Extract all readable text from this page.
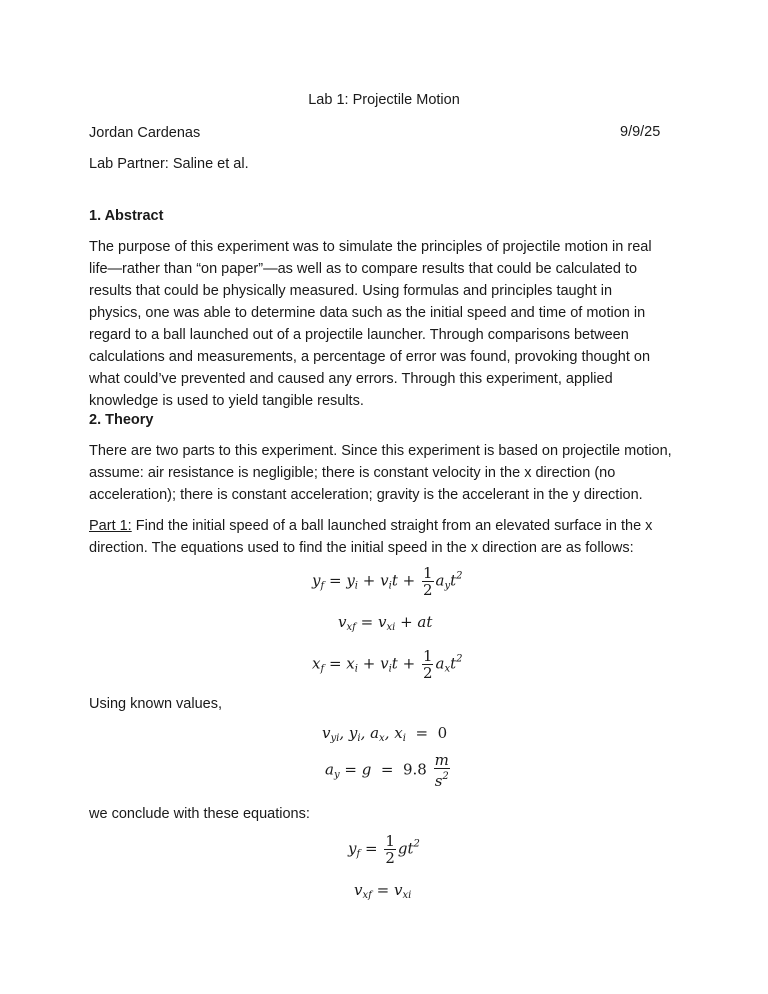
Lab 1: Projectile Motion
Jordan Cardenas	9/9/25
Lab Partner: Saline et al.
1. Abstract
The purpose of this experiment was to simulate the principles of projectile motion in real
life—rather than “on paper”—as well as to compare results that could be calculated to
results that could be physically measured. Using formulas and principles taught in
physics, one was able to determine data such as the initial speed and time of motion in
regard to a ball launched out of a projectile launcher. Through comparisons between
calculations and measurements, a percentage of error was found, provoking thought on
what could’ve prevented and caused any errors. Through this experiment, applied
knowledge is used to yield tangible results.
2. Theory
There are two parts to this experiment. Since this experiment is based on projectile motion,
assume: air resistance is negligible; there is constant velocity in the x direction (no
acceleration); there is constant acceleration; gravity is the accelerant in the y direction.
Part 1: Find the initial speed of a ball launched straight from an elevated surface in the x
direction. The equations used to find the initial speed in the x direction are as follows:
$y_f = y_i + v_it + \frac{1}{2} a_yt^2$
$v_{xf} = v_{xi}$ + at
$x_f = x_i + v_it + \frac{1}{2} a_xt^2$
Using known values,
$v_{yi}$, $y_i$, $a_x$, $x_i = 0$
$a_y = g = 9.8 \frac{m}{s^2}$
we conclude with these equations:
$y_f = \frac{1}{2} gt^2$
$v_{xf} = v_{xi}$
